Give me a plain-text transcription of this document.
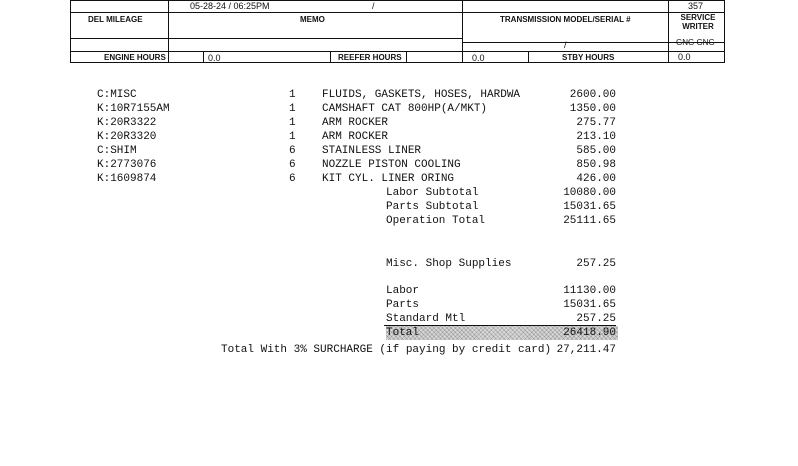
05-28-24 / 06:25PM	/	357
DEL MILEAGE	MEMO	TRANSMISSION MODEL/SERIAL #	SERVICE
WRITER
/	GNG GNG
ENGINE HOURS	0.0	REEFER HOURS	0.0	STBY HOURS	0.0
C:MISC	1 FLUIDS, GASKETS, HOSES, HARDWA	2600.00
K:10R7155AM	1 CAMSHAFT CAT 800HP(A/MKT)	1350.00
K:20R3322	1 ARM ROCKER	275.77
K:20R3320	1 ARM ROCKER	213.10
C:SHIM	6 STAINLESS LINER	585.00
K:2773076	6 NOZZLE PISTON COOLING	850.98
K:1609874	6 KIT CYL. LINER ORING	426.00
Labor Subtotal	10080.00
Parts Subtotal	15031.65
Operation Total	25111.65
Misc. Shop Supplies	257.25
Labor	11130.00
Parts	15031.65
Standard Mtl	257.25
Total	26418.90
Total With 3% SURCHARGE (if paying by credit card) 27,211.47
